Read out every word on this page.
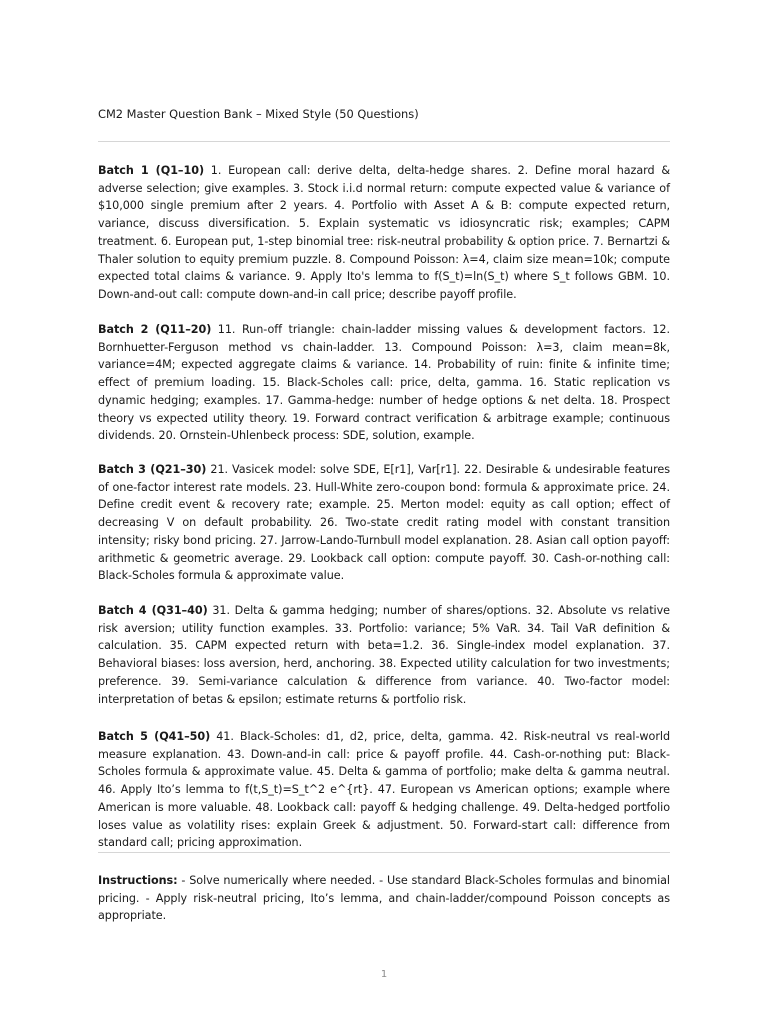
CM2 Master Question Bank – Mixed Style (50 Questions)

Batch 1 (Q1–10) 1. European call: derive delta, delta-hedge shares. 2. Define moral hazard & adverse selection; give examples. 3. Stock i.i.d normal return: compute expected value & variance of $10,000 single premium after 2 years. 4. Portfolio with Asset A & B: compute expected return, variance, discuss diversification. 5. Explain systematic vs idiosyncratic risk; examples; CAPM treatment. 6. European put, 1-step binomial tree: risk-neutral probability & option price. 7. Bernartzi & Thaler solution to equity premium puzzle. 8. Compound Poisson: λ=4, claim size mean=10k; compute expected total claims & variance. 9. Apply Ito's lemma to f(S_t)=ln(S_t) where S_t follows GBM. 10. Down-and-out call: compute down-and-in call price; describe payoff profile.

Batch 2 (Q11–20) 11. Run-off triangle: chain-ladder missing values & development factors. 12. Bornhuetter-Ferguson method vs chain-ladder. 13. Compound Poisson: λ=3, claim mean=8k, variance=4M; expected aggregate claims & variance. 14. Probability of ruin: finite & infinite time; effect of premium loading. 15. Black-Scholes call: price, delta, gamma. 16. Static replication vs dynamic hedging; examples. 17. Gamma-hedge: number of hedge options & net delta. 18. Prospect theory vs expected utility theory. 19. Forward contract verification & arbitrage example; continuous dividends. 20. Ornstein-Uhlenbeck process: SDE, solution, example.

Batch 3 (Q21–30) 21. Vasicek model: solve SDE, E[r1], Var[r1]. 22. Desirable & undesirable features of one-factor interest rate models. 23. Hull-White zero-coupon bond: formula & approximate price. 24. Define credit event & recovery rate; example. 25. Merton model: equity as call option; effect of decreasing V on default probability. 26. Two-state credit rating model with constant transition intensity; risky bond pricing. 27. Jarrow-Lando-Turnbull model explanation. 28. Asian call option payoff: arithmetic & geometric average. 29. Lookback call option: compute payoff. 30. Cash-or-nothing call: Black-Scholes formula & approximate value.

Batch 4 (Q31–40) 31. Delta & gamma hedging; number of shares/options. 32. Absolute vs relative risk aversion; utility function examples. 33. Portfolio: variance; 5% VaR. 34. Tail VaR definition & calculation. 35. CAPM expected return with beta=1.2. 36. Single-index model explanation. 37. Behavioral biases: loss aversion, herd, anchoring. 38. Expected utility calculation for two investments; preference. 39. Semi-variance calculation & difference from variance. 40. Two-factor model: interpretation of betas & epsilon; estimate returns & portfolio risk.

Batch 5 (Q41–50) 41. Black-Scholes: d1, d2, price, delta, gamma. 42. Risk-neutral vs real-world measure explanation. 43. Down-and-in call: price & payoff profile. 44. Cash-or-nothing put: Black-Scholes formula & approximate value. 45. Delta & gamma of portfolio; make delta & gamma neutral. 46. Apply Ito’s lemma to f(t,S_t)=S_t^2 e^{rt}. 47. European vs American options; example where American is more valuable. 48. Lookback call: payoff & hedging challenge. 49. Delta-hedged portfolio loses value as volatility rises: explain Greek & adjustment. 50. Forward-start call: difference from standard call; pricing approximation.

Instructions: - Solve numerically where needed. - Use standard Black-Scholes formulas and binomial pricing. - Apply risk-neutral pricing, Ito’s lemma, and chain-ladder/compound Poisson concepts as appropriate.

1
